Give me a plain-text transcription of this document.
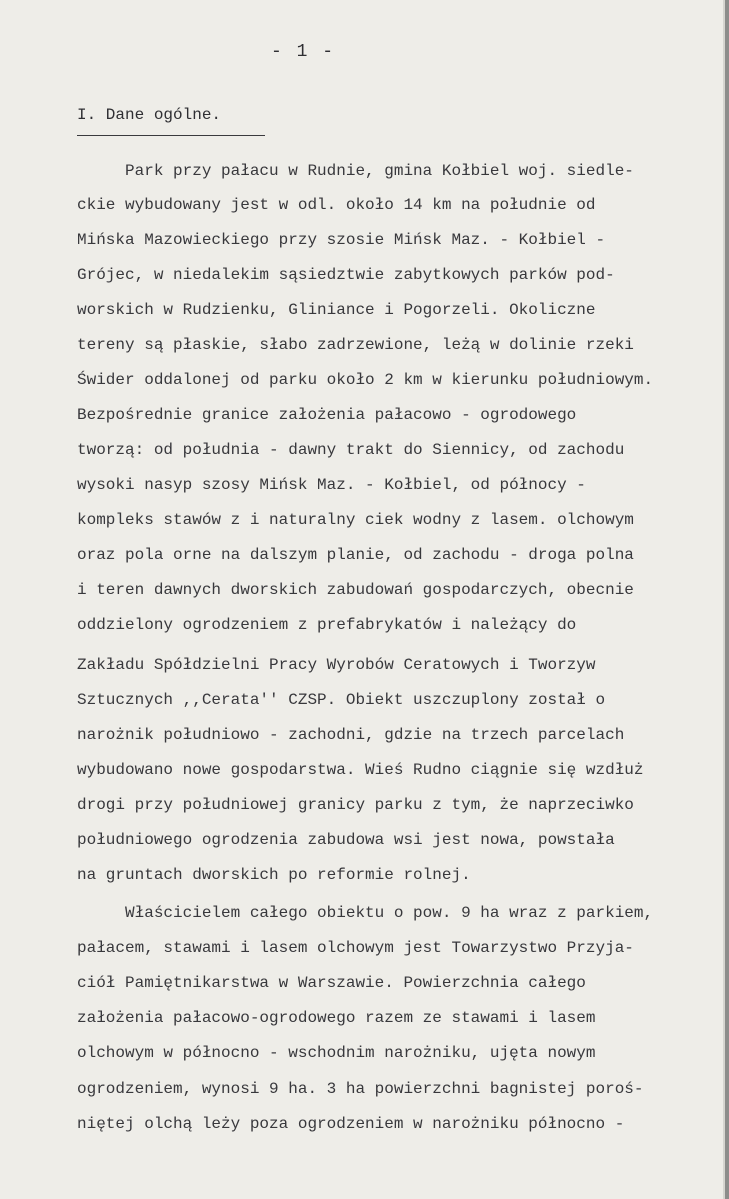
- 1 -
I. Dane ogólne.
Park przy pałacu w Rudnie, gmina Kołbiel woj. siedle-
ckie wybudowany jest w odl. około 14 km na południe od
Mińska Mazowieckiego przy szosie Mińsk Maz. - Kołbiel -
Grójec, w niedalekim sąsiedztwie zabytkowych parków pod-
worskich w Rudzienku, Gliniance i Pogorzeli. Okoliczne
tereny są płaskie, słabo zadrzewione, leżą w dolinie rzeki
Świder oddalonej od parku około 2 km w kierunku południowym.
Bezpośrednie granice założenia pałacowo - ogrodowego
tworzą: od południa - dawny trakt do Siennicy, od zachodu
wysoki nasyp szosy Mińsk Maz. - Kołbiel, od północy -
kompleks stawów z i naturalny ciek wodny z lasem. olchowym
oraz pola orne na dalszym planie, od zachodu - droga polna
i teren dawnych dworskich zabudowań gospodarczych, obecnie
oddzielony ogrodzeniem z prefabrykatów i należący do
Zakładu Spółdzielni Pracy Wyrobów Ceratowych i Tworzyw
Sztucznych ,,Cerata'' CZSP. Obiekt uszczuplony został o
narożnik południowo - zachodni, gdzie na trzech parcelach
wybudowano nowe gospodarstwa. Wieś Rudno ciągnie się wzdłuż
drogi przy południowej granicy parku z tym, że naprzeciwko
południowego ogrodzenia zabudowa wsi jest nowa, powstała
na gruntach dworskich po reformie rolnej.
Właścicielem całego obiektu o pow. 9 ha wraz z parkiem,
pałacem, stawami i lasem olchowym jest Towarzystwo Przyja-
ciół Pamiętnikarstwa w Warszawie. Powierzchnia całego
założenia pałacowo-ogrodowego razem ze stawami i lasem
olchowym w północno - wschodnim narożniku, ujęta nowym
ogrodzeniem, wynosi 9 ha. 3 ha powierzchni bagnistej poroś-
niętej olchą leży poza ogrodzeniem w narożniku północno -
